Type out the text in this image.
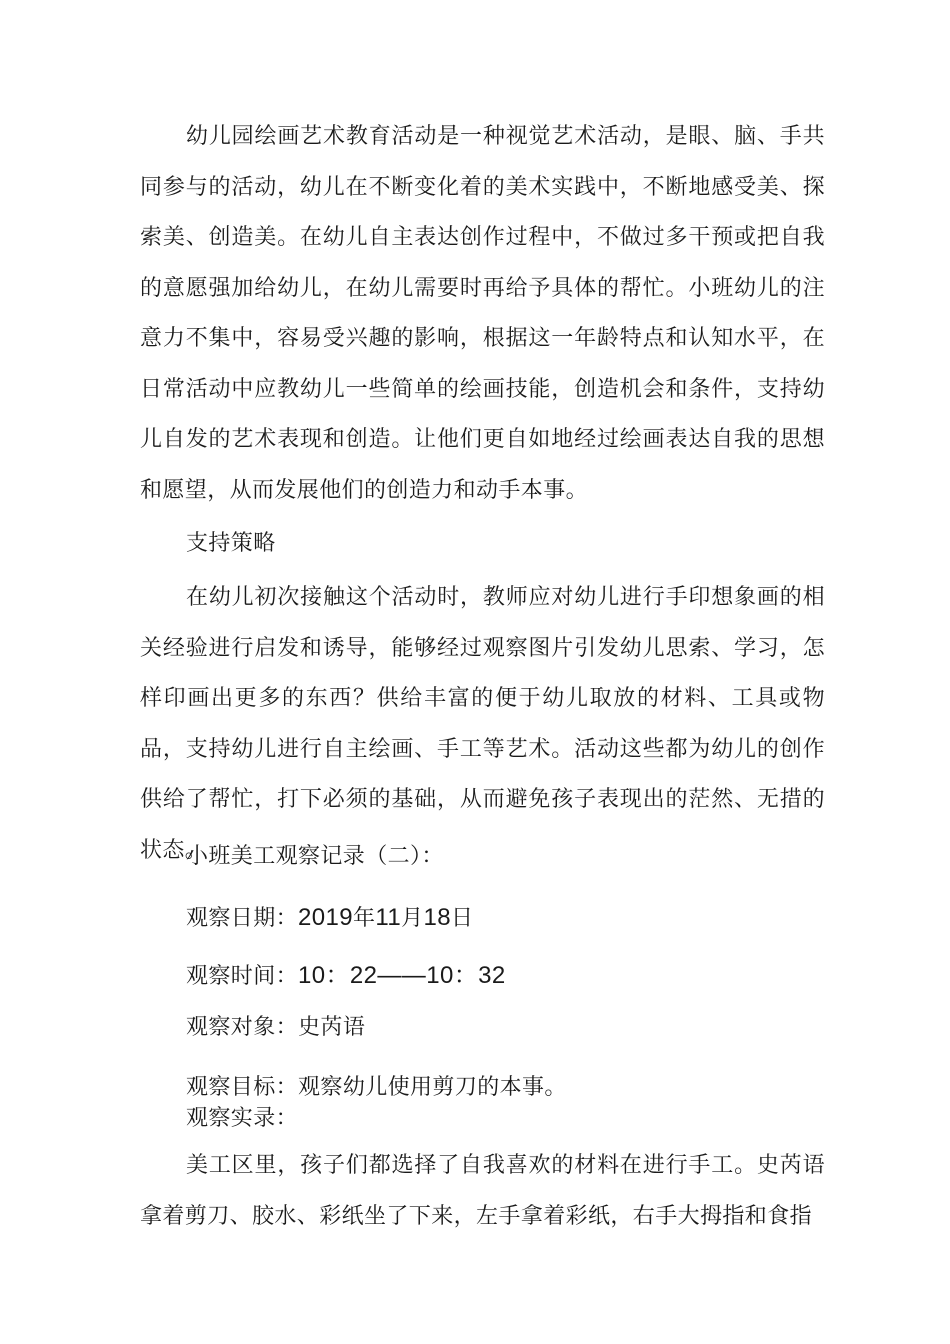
幼儿园绘画艺术教育活动是一种视觉艺术活动，是眼、脑、手共同参与的活动，幼儿在不断变化着的美术实践中，不断地感受美、探索美、创造美。在幼儿自主表达创作过程中，不做过多干预或把自我的意愿强加给幼儿，在幼儿需要时再给予具体的帮忙。小班幼儿的注意力不集中，容易受兴趣的影响，根据这一年龄特点和认知水平，在日常活动中应教幼儿一些简单的绘画技能，创造机会和条件，支持幼儿自发的艺术表现和创造。让他们更自如地经过绘画表达自我的思想和愿望，从而发展他们的创造力和动手本事。

支持策略

在幼儿初次接触这个活动时，教师应对幼儿进行手印想象画的相关经验进行启发和诱导，能够经过观察图片引发幼儿思索、学习，怎样印画出更多的东西？供给丰富的便于幼儿取放的材料、工具或物品，支持幼儿进行自主绘画、手工等艺术。活动这些都为幼儿的创作供给了帮忙，打下必须的基础，从而避免孩子表现出的茫然、无措的状态。

小班美工观察记录（二）：

观察日期：2019年11月18日

观察时间：10：22——10：32

观察对象：史芮语

观察目标：观察幼儿使用剪刀的本事。

观察实录：

美工区里，孩子们都选择了自我喜欢的材料在进行手工。史芮语拿着剪刀、胶水、彩纸坐了下来，左手拿着彩纸，右手大拇指和食指
